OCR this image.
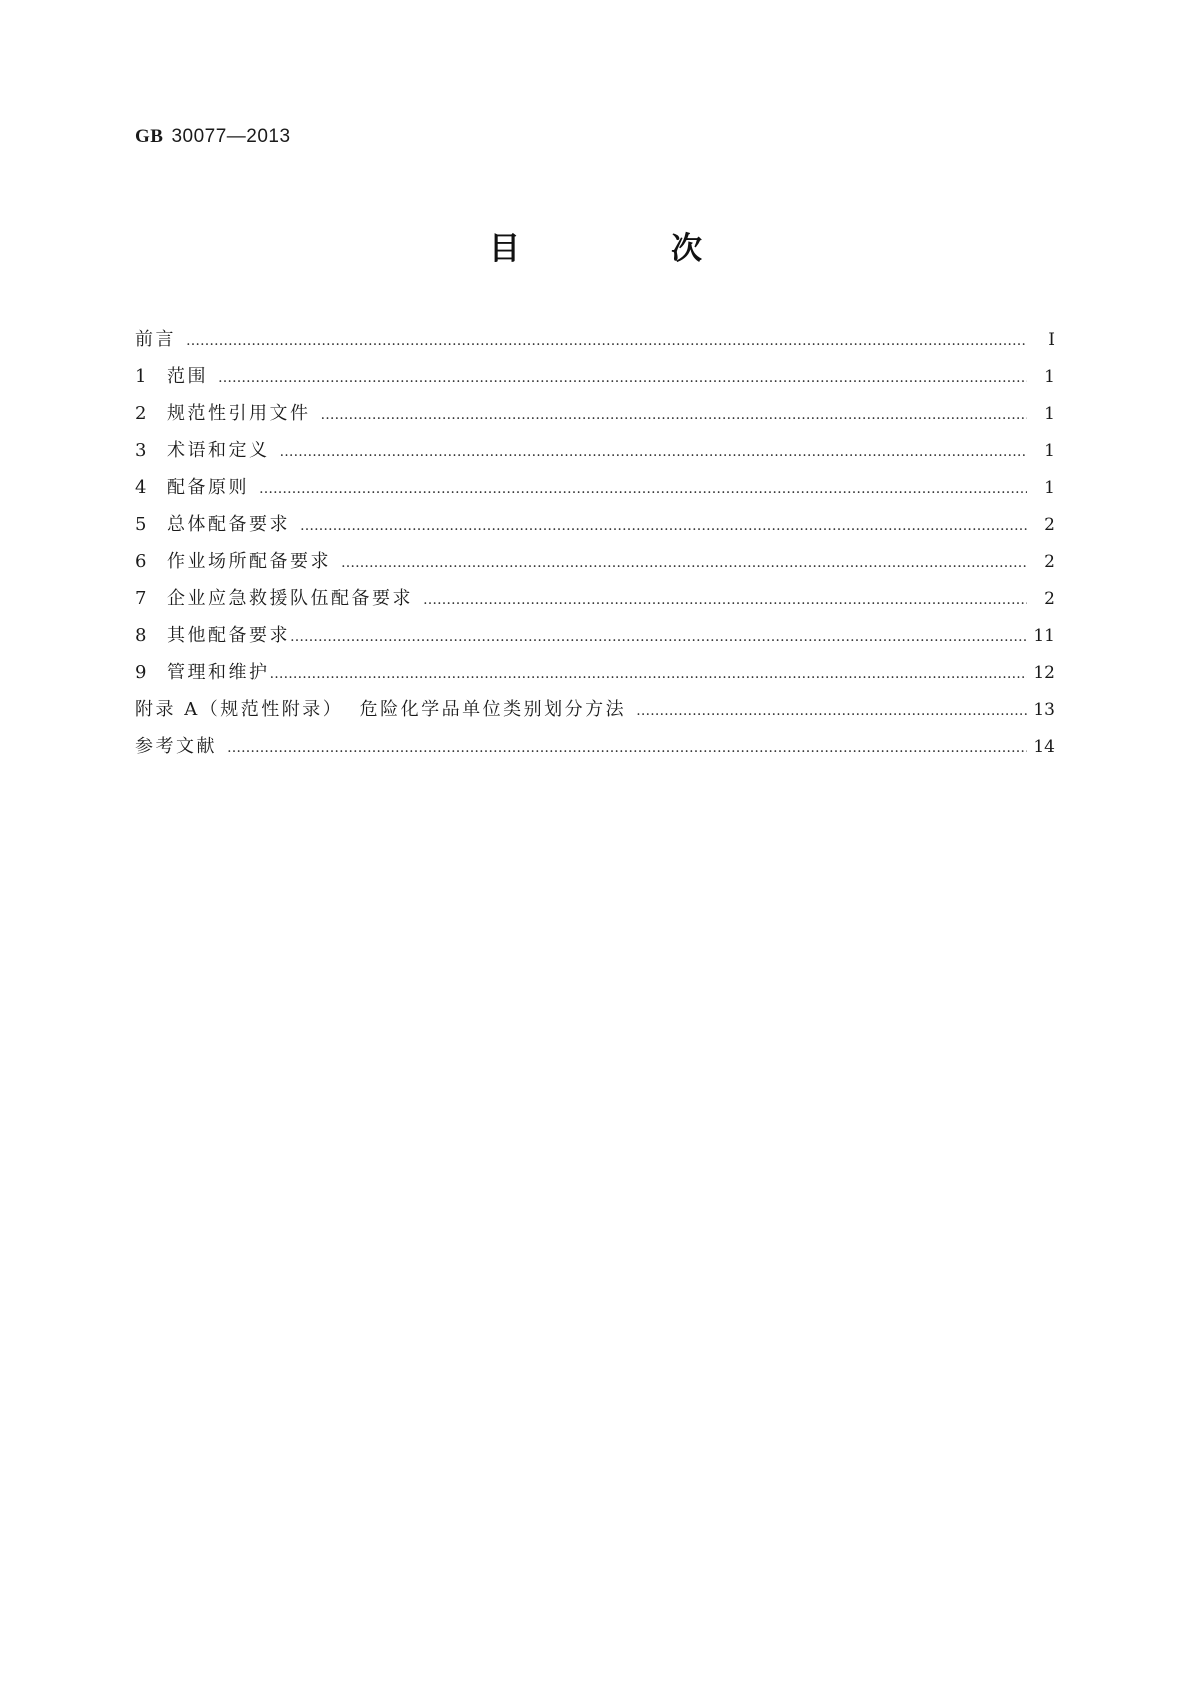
GB 30077—2013
目　次
前言 ……………………………………………………………………………………………………………………………………………………………………………………………………………………………………………………	Ⅰ
1	范围 ……………………………………………………………………………………………………………………………………………………………………………………………………………………………………………………	1
2	规范性引用文件 ……………………………………………………………………………………………………………………………………………………………………………………………………………………………………………………	1
3	术语和定义 ……………………………………………………………………………………………………………………………………………………………………………………………………………………………………………………	1
4	配备原则 ……………………………………………………………………………………………………………………………………………………………………………………………………………………………………………………	1
5	总体配备要求 ……………………………………………………………………………………………………………………………………………………………………………………………………………………………………………………	2
6	作业场所配备要求 ……………………………………………………………………………………………………………………………………………………………………………………………………………………………………………………	2
7	企业应急救援队伍配备要求 ……………………………………………………………………………………………………………………………………………………………………………………………………………………………………………………	2
8	其他配备要求 ……………………………………………………………………………………………………………………………………………………………………………………………………………………………………………………	11
9	管理和维护 ……………………………………………………………………………………………………………………………………………………………………………………………………………………………………………………	12
附录 A（规范性附录）  危险化学品单位类别划分方法 ……………………………………………………………………………………………………………………………………………………………………………………………………………………………………………………	13
参考文献 ……………………………………………………………………………………………………………………………………………………………………………………………………………………………………………………	14
